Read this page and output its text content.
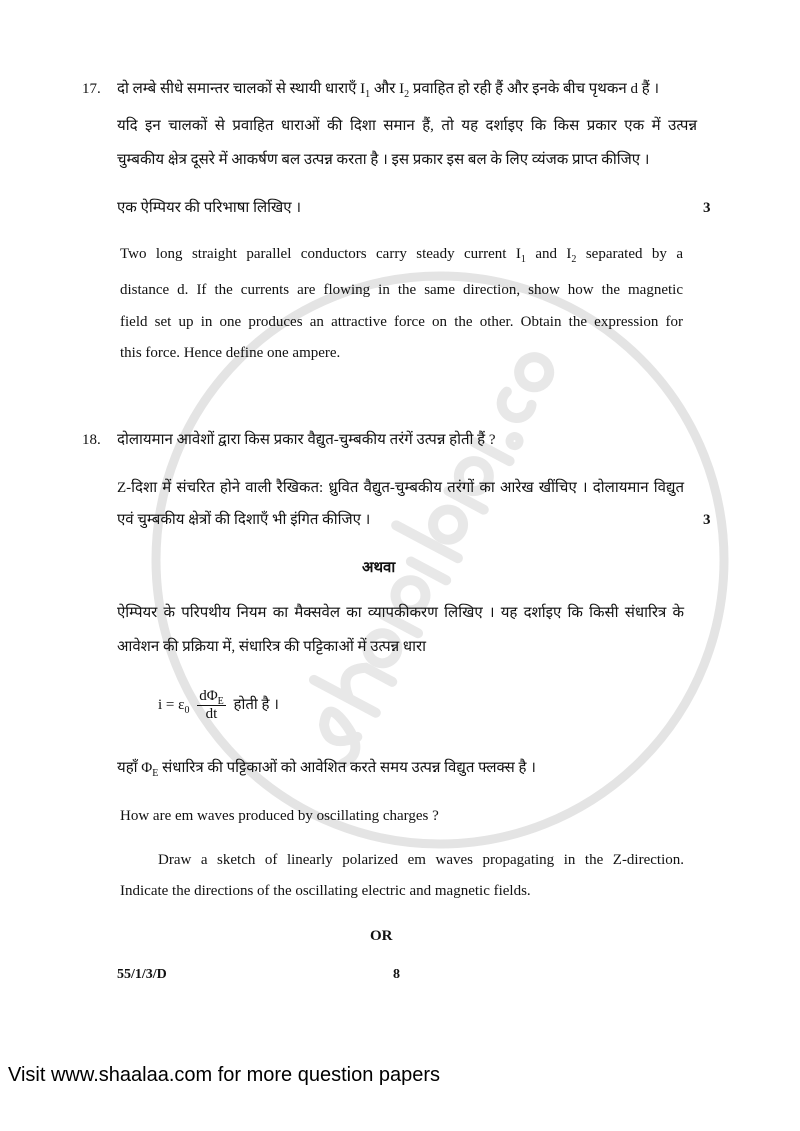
17. दो लम्बे सीधे समान्तर चालकों से स्थायी धाराएँ $I_1$ और $I_2$ प्रवाहित हो रही हैं और इनके बीच पृथकन d हैं ।
यदि इन चालकों से प्रवाहित धाराओं की दिशा समान हैं, तो यह दर्शाइए कि किस प्रकार एक में उत्पन्न
चुम्बकीय क्षेत्र दूसरे में आकर्षण बल उत्पन्न करता है । इस प्रकार इस बल के लिए व्यंजक प्राप्त कीजिए ।
एक ऐम्पियर की परिभाषा लिखिए ।	3
Two long straight parallel conductors carry steady current $I_1$ and $I_2$ separated by a
distance d. If the currents are flowing in the same direction, show how the magnetic
field set up in one produces an attractive force on the other. Obtain the expression for
this force. Hence define one ampere.
18. दोलायमान आवेशों द्वारा किस प्रकार वैद्युत-चुम्बकीय तरंगें उत्पन्न होती हैं ?
Z-दिशा में संचरित होने वाली रैखिकत: ध्रुवित वैद्युत-चुम्बकीय तरंगों का आरेख खींचिए । दोलायमान विद्युत
एवं चुम्बकीय क्षेत्रों की दिशाएँ भी इंगित कीजिए ।	3
अथवा
ऐम्पियर के परिपथीय नियम का मैक्सवेल का व्यापकीकरण लिखिए । यह दर्शाइए कि किसी संधारित्र के
आवेशन की प्रक्रिया में, संधारित्र की पट्टिकाओं में उत्पन्न धारा
$i = \varepsilon_0 \frac{d\Phi_E}{dt}$ होती है ।
यहाँ $\Phi_E$ संधारित्र की पट्टिकाओं को आवेशित करते समय उत्पन्न विद्युत फ्लक्स है ।
How are em waves produced by oscillating charges ?
Draw a sketch of linearly polarized em waves propagating in the Z-direction.
Indicate the directions of the oscillating electric and magnetic fields.
OR
55/1/3/D	8
Visit www.shaalaa.com for more question papers
